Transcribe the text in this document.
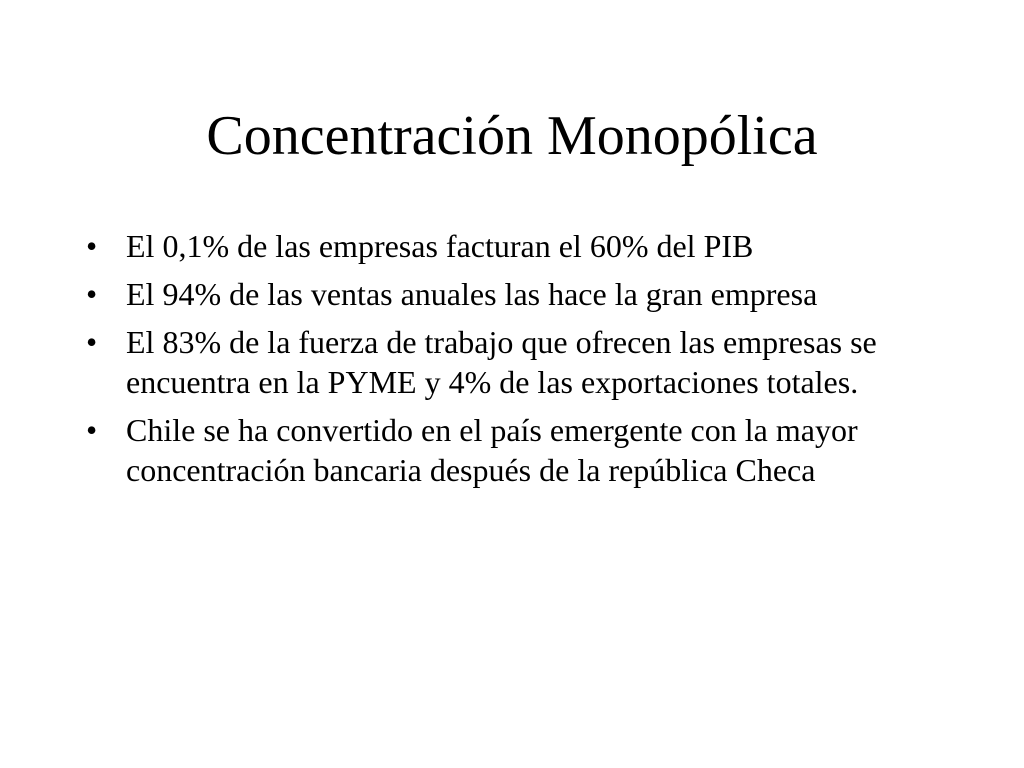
Concentración Monopólica
• El 0,1% de las empresas facturan el 60% del PIB
• El 94% de las ventas anuales las hace la gran empresa
• El 83% de la fuerza de trabajo que ofrecen las empresas se encuentra en la PYME y 4% de las exportaciones totales.
• Chile se ha convertido en el país emergente con la mayor concentración bancaria después de la república Checa
